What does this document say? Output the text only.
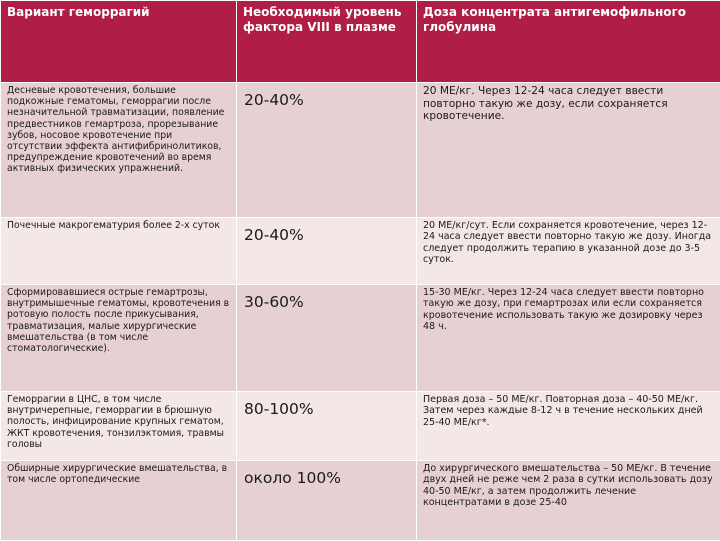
Вариант геморрагий	Необходимый уровень фактора VIII в плазме	Доза концентрата антигемофильного глобулина
Десневые кровотечения, большие подкожные гематомы, геморрагии после незначительной травматизации, появление предвестников гемартроза, прорезывание зубов, носовое кровотечение при отсутствии эффекта антифибринолитиков, предупреждение кровотечений во время активных физических упражнений.	20-40%	20 МЕ/кг. Через 12-24 часа следует ввести повторно такую же дозу, если сохраняется кровотечение.
Почечные макрогематурия более 2-х суток	20-40%	20 МЕ/кг/сут. Если сохраняется кровотечение, через 12-24 часа следует ввести повторно такую же дозу. Иногда следует продолжить терапию в указанной дозе до 3-5 суток.
Сформировавшиеся острые гемартрозы, внутримышечные гематомы, кровотечения в ротовую полость после прикусывания, травматизация, малые хирургические вмешательства (в том числе стоматологические).	30-60%	15-30 МЕ/кг. Через 12-24 часа следует ввести повторно такую же дозу, при гемартрозах или если сохраняется кровотечение использовать такую же дозировку через 48 ч.
Геморрагии в ЦНС, в том числе внутричерепные, геморрагии в брюшную полость, инфицирование крупных гематом, ЖКТ кровотечения, тонзилэктомия, травмы головы	80-100%	Первая доза – 50 МЕ/кг. Повторная доза – 40-50 МЕ/кг. Затем через каждые 8-12 ч в течение нескольких дней 25-40 МЕ/кг*.
Обширные хирургические вмешательства, в том числе ортопедические	около 100%	До хирургического вмешательства – 50 МЕ/кг. В течение двух дней не реже чем 2 раза в сутки использовать дозу 40-50 МЕ/кг, а затем продолжить лечение концентратами в дозе 25-40
